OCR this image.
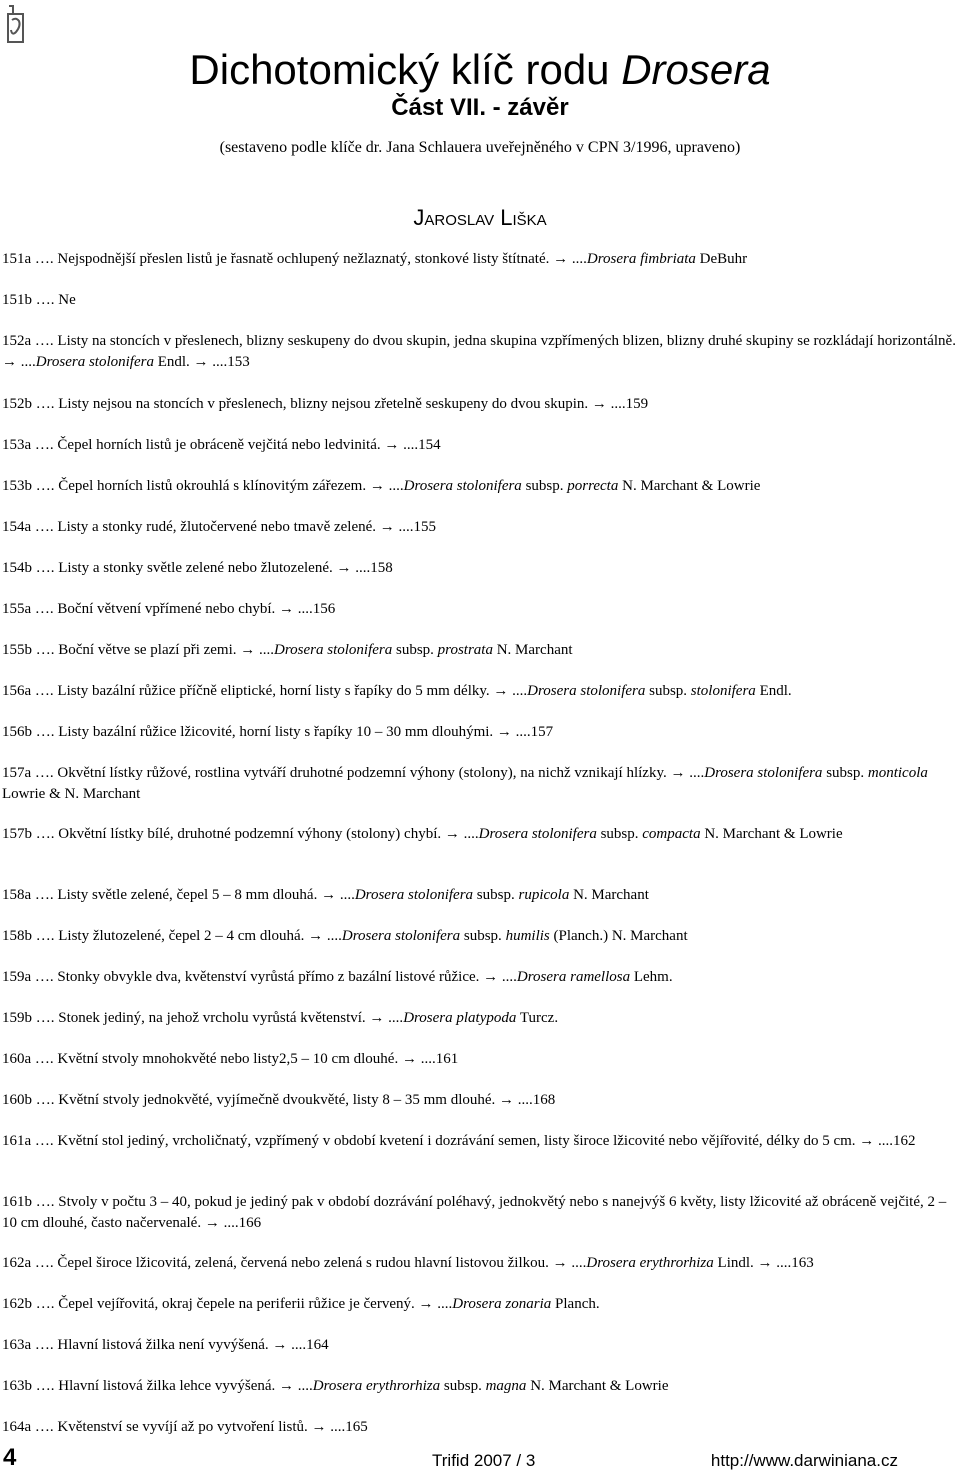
Dichotomický klíč rodu Drosera
Část VII. - závěr
(sestaveno podle klíče dr. Jana Schlauera uveřejněného v CPN 3/1996, upraveno)
Jaroslav Liška
151a …. Nejspodnější přeslen listů je řasnatě ochlupený nežlaznatý, stonkové listy štítnaté. → ....Drosera fimbriata DeBuhr
151b …. Ne
152a …. Listy na stoncích v přeslenech, blizny seskupeny do dvou skupin, jedna skupina vzpřímených blizen, blizny druhé skupiny se rozkládají horizontálně. → ....Drosera stolonifera Endl. → ....153
152b …. Listy nejsou na stoncích v přeslenech, blizny nejsou zřetelně seskupeny do dvou skupin. → ....159
153a …. Čepel horních listů je obráceně vejčitá nebo ledvinitá. → ....154
153b …. Čepel horních listů okrouhlá s klínovitým zářezem. → ....Drosera stolonifera subsp. porrecta N. Marchant & Lowrie
154a …. Listy a stonky rudé, žlutočervené nebo tmavě zelené. → ....155
154b …. Listy a stonky světle zelené nebo žlutozelené. → ....158
155a …. Boční větvení vpřímené nebo chybí. → ....156
155b …. Boční větve se plazí při zemi. → ....Drosera stolonifera subsp. prostrata N. Marchant
156a …. Listy bazální růžice příčně eliptické, horní listy s řapíky do 5 mm délky. → ....Drosera stolonifera subsp. stolonifera Endl.
156b …. Listy bazální růžice lžicovité, horní listy s řapíky 10 – 30 mm dlouhými. → ....157
157a …. Okvětní lístky růžové, rostlina vytváří druhotné podzemní výhony (stolony), na nichž vznikají hlízky. → ....Drosera stolonifera subsp. monticola Lowrie & N. Marchant
157b …. Okvětní lístky bílé, druhotné podzemní výhony (stolony) chybí. → ....Drosera stolonifera subsp. compacta N. Marchant & Lowrie
158a …. Listy světle zelené, čepel 5 – 8 mm dlouhá. → ....Drosera stolonifera subsp. rupicola N. Marchant
158b …. Listy žlutozelené, čepel 2 – 4 cm dlouhá. → ....Drosera stolonifera subsp. humilis (Planch.) N. Marchant
159a …. Stonky obvykle dva, květenství vyrůstá přímo z bazální listové růžice. → ....Drosera ramellosa Lehm.
159b …. Stonek jediný, na jehož vrcholu vyrůstá květenství. → ....Drosera platypoda Turcz.
160a …. Květní stvoly mnohokvěté nebo listy2,5 – 10 cm dlouhé. → ....161
160b …. Květní stvoly jednokvěté, vyjímečně dvoukvěté, listy 8 – 35 mm dlouhé. → ....168
161a …. Květní stol jediný, vrcholičnatý, vzpřímený v období kvetení i dozrávání semen, listy široce lžicovité nebo vějířovité, délky do 5 cm. → ....162
161b …. Stvoly v počtu 3 – 40, pokud je jediný pak v období dozrávání poléhavý, jednokvětý nebo s nanejvýš 6 květy, listy lžicovité až obráceně vejčité, 2 – 10 cm dlouhé, často načervenalé. → ....166
162a …. Čepel široce lžicovitá, zelená, červená nebo zelená s rudou hlavní listovou žilkou. → ....Drosera erythrorhiza Lindl. → ....163
162b …. Čepel vejířovitá, okraj čepele na periferii růžice je červený. → ....Drosera zonaria Planch.
163a …. Hlavní listová žilka není vyvýšená. → ....164
163b …. Hlavní listová žilka lehce vyvýšená. → ....Drosera erythrorhiza subsp. magna N. Marchant & Lowrie
164a …. Květenství se vyvíjí až po vytvoření listů. → ....165
4	Trifid 2007 / 3	http://www.darwiniana.cz
